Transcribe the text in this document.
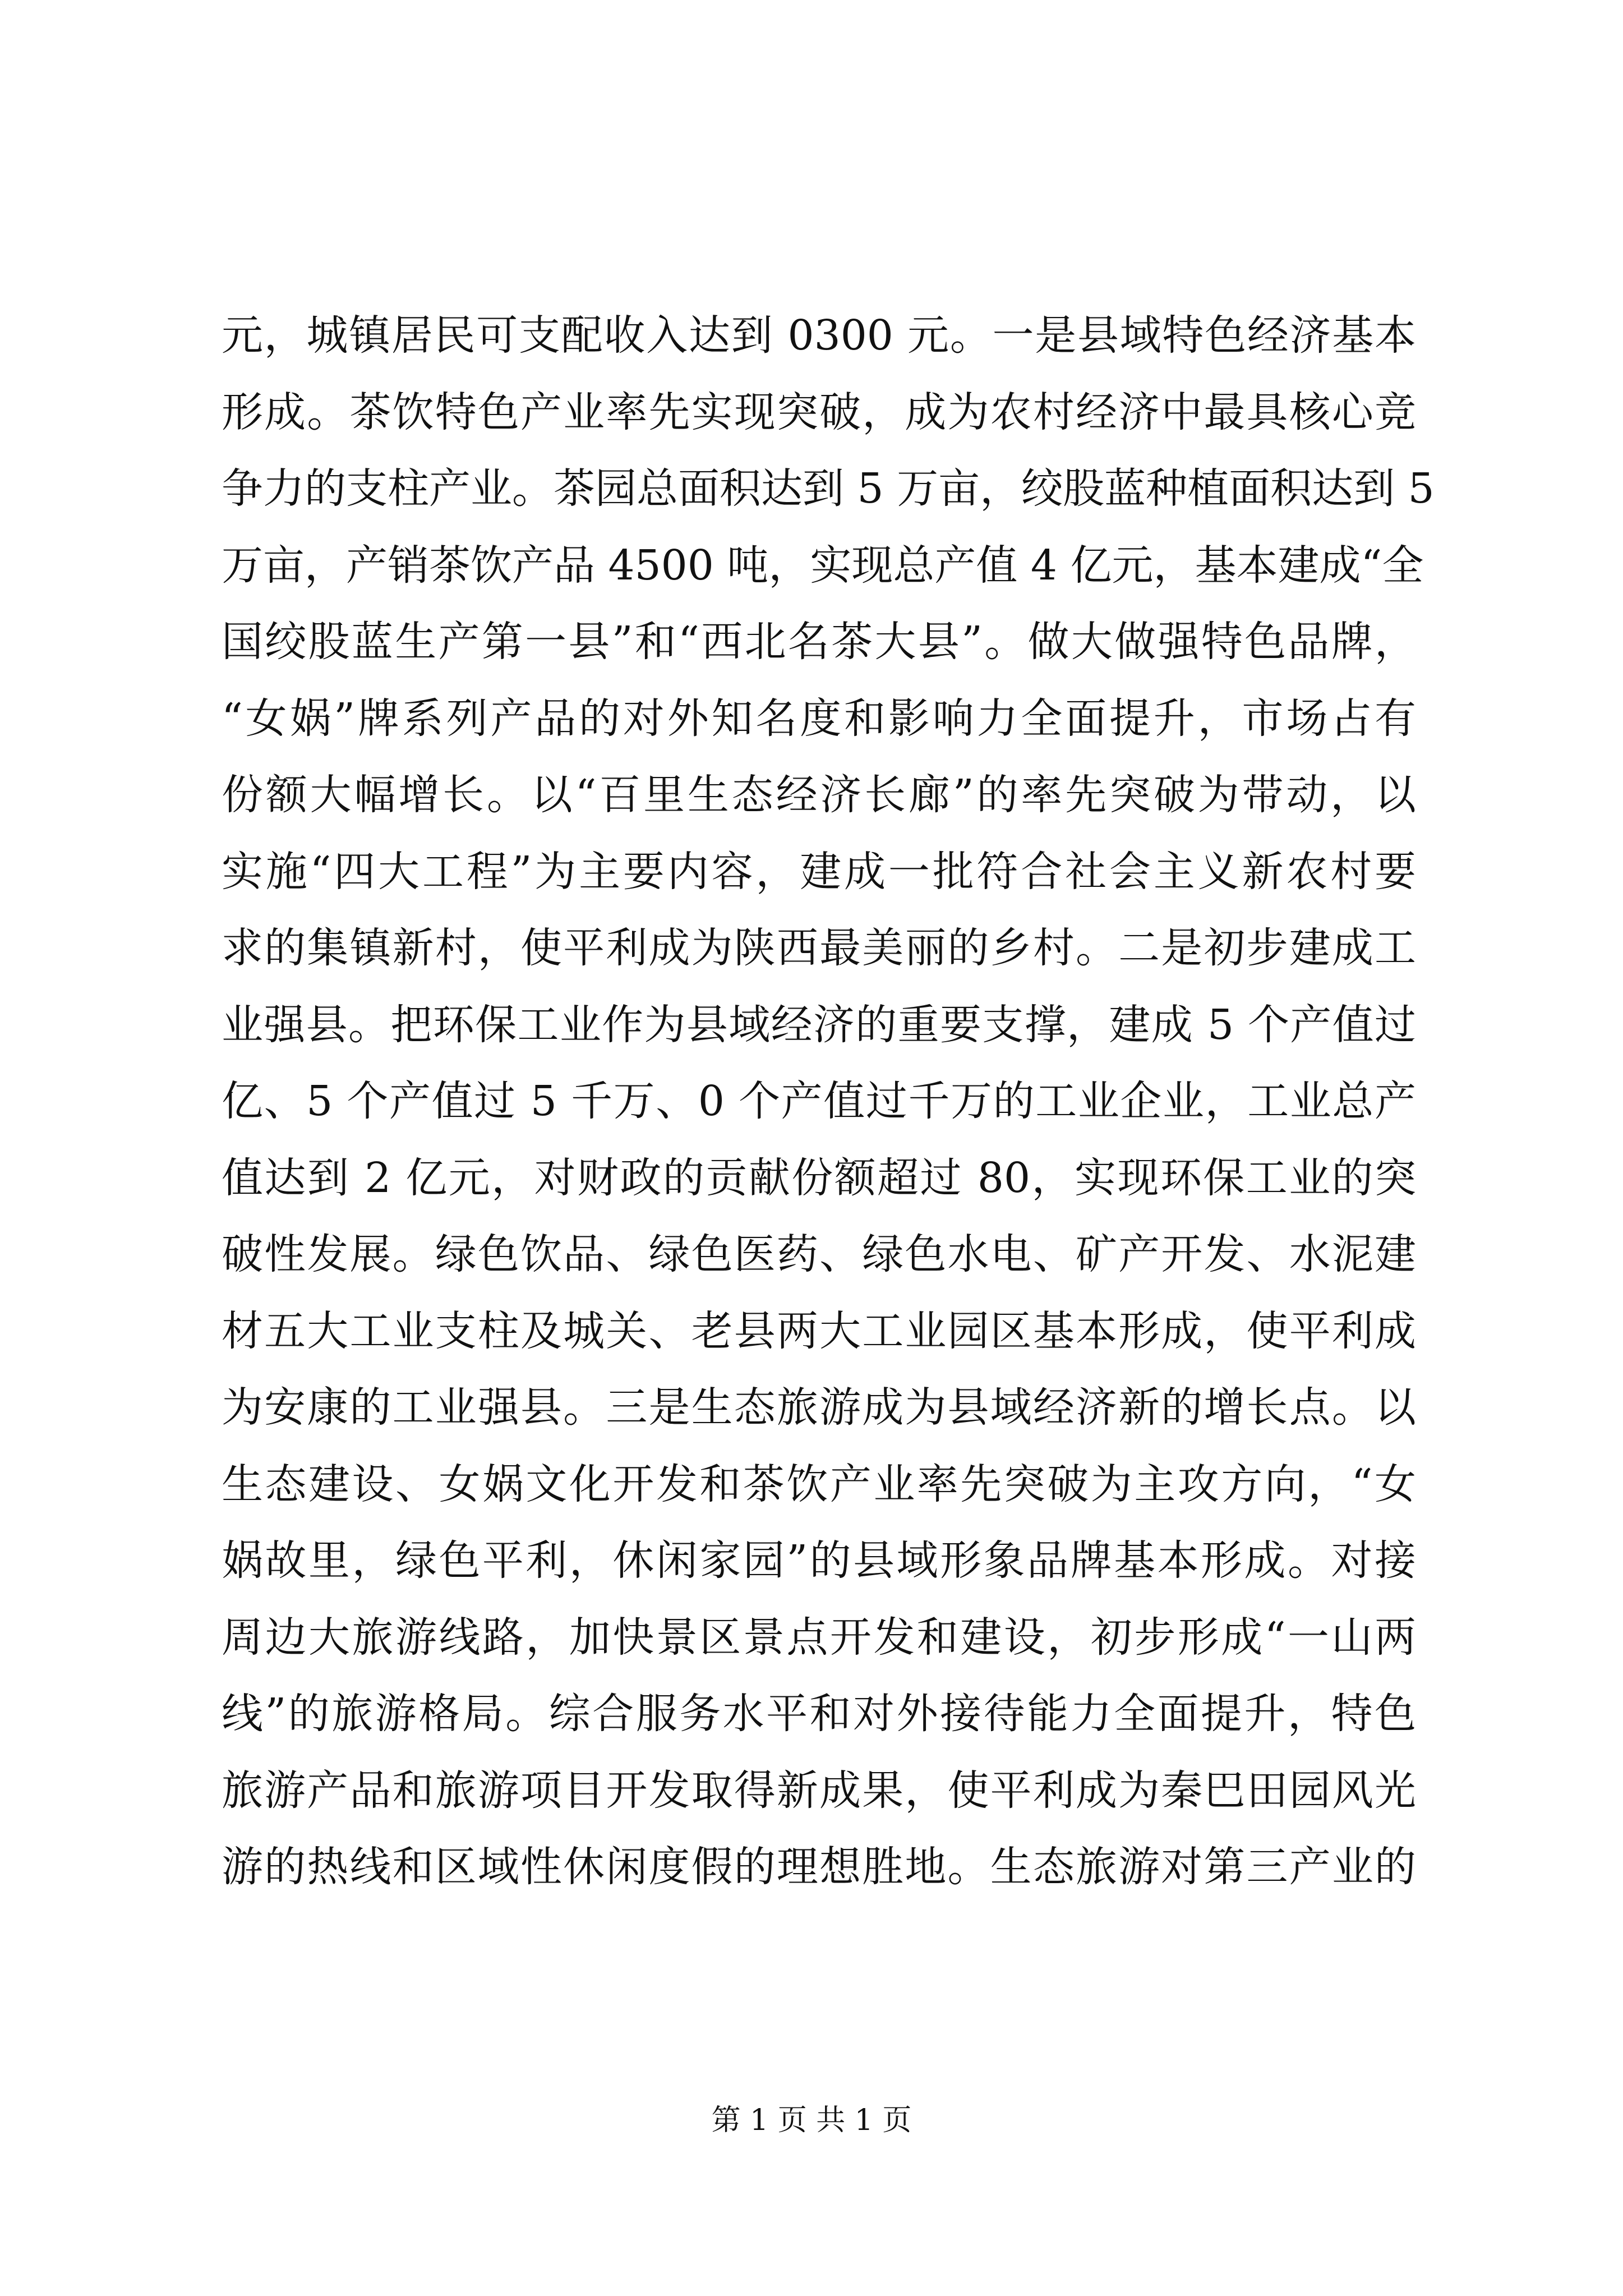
元，城镇居民可支配收入达到 0300 元。一是县域特色经济基本
形成。茶饮特色产业率先实现突破，成为农村经济中最具核心竞
争力的支柱产业。茶园总面积达到 5 万亩，绞股蓝种植面积达到 5
万亩，产销茶饮产品 4500 吨，实现总产值 4 亿元，基本建成“全
国绞股蓝生产第一县”和“西北名茶大县”。做大做强特色品牌，
“女娲”牌系列产品的对外知名度和影响力全面提升，市场占有
份额大幅增长。以“百里生态经济长廊”的率先突破为带动，以
实施“四大工程”为主要内容，建成一批符合社会主义新农村要
求的集镇新村，使平利成为陕西最美丽的乡村。二是初步建成工
业强县。把环保工业作为县域经济的重要支撑，建成 5 个产值过
亿、5 个产值过 5 千万、0 个产值过千万的工业企业，工业总产
值达到 2 亿元，对财政的贡献份额超过 80，实现环保工业的突
破性发展。绿色饮品、绿色医药、绿色水电、矿产开发、水泥建
材五大工业支柱及城关、老县两大工业园区基本形成，使平利成
为安康的工业强县。三是生态旅游成为县域经济新的增长点。以
生态建设、女娲文化开发和茶饮产业率先突破为主攻方向，“女
娲故里，绿色平利，休闲家园”的县域形象品牌基本形成。对接
周边大旅游线路，加快景区景点开发和建设，初步形成“一山两
线”的旅游格局。综合服务水平和对外接待能力全面提升，特色
旅游产品和旅游项目开发取得新成果，使平利成为秦巴田园风光
游的热线和区域性休闲度假的理想胜地。生态旅游对第三产业的
第 1 页 共 1 页
